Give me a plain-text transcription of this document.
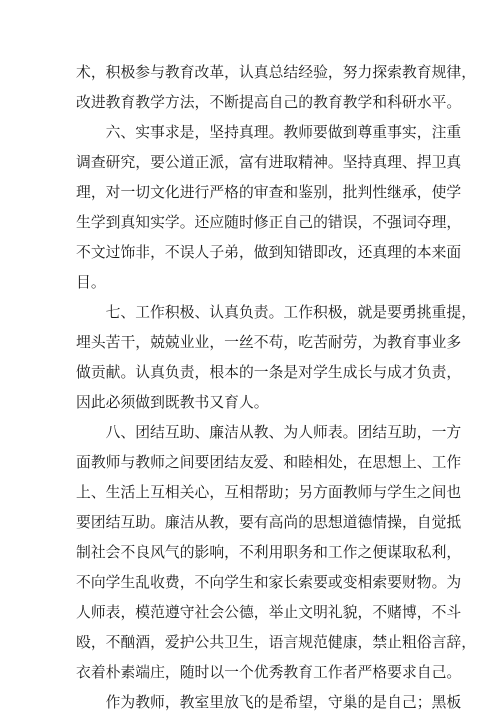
术，积极参与教育改革，认真总结经验，努力探索教育规律，
改进教育教学方法，不断提高自己的教育教学和科研水平。

六、实事求是，坚持真理。教师要做到尊重事实，注重
调查研究，要公道正派，富有进取精神。坚持真理、捍卫真
理，对一切文化进行严格的审查和鉴别，批判性继承，使学
生学到真知实学。还应随时修正自己的错误，不强词夺理，
不文过饰非，不误人子弟，做到知错即改，还真理的本来面
目。

七、工作积极、认真负责。工作积极，就是要勇挑重提，
埋头苦干，兢兢业业，一丝不苟，吃苦耐劳，为教育事业多
做贡献。认真负责，根本的一条是对学生成长与成才负责，
因此必须做到既教书又育人。

八、团结互助、廉洁从教、为人师表。团结互助，一方
面教师与教师之间要团结友爱、和睦相处，在思想上、工作
上、生活上互相关心，互相帮助；另方面教师与学生之间也
要团结互助。廉洁从教，要有高尚的思想道德情操，自觉抵
制社会不良风气的影响，不利用职务和工作之便谋取私利，
不向学生乱收费，不向学生和家长索要或变相索要财物。为
人师表，模范遵守社会公德，举止文明礼貌，不赌博，不斗
殴，不酗酒，爱护公共卫生，语言规范健康，禁止粗俗言辞，
衣着朴素端庄，随时以一个优秀教育工作者严格要求自己。

作为教师，教室里放飞的是希望，守巢的是自己；黑板
